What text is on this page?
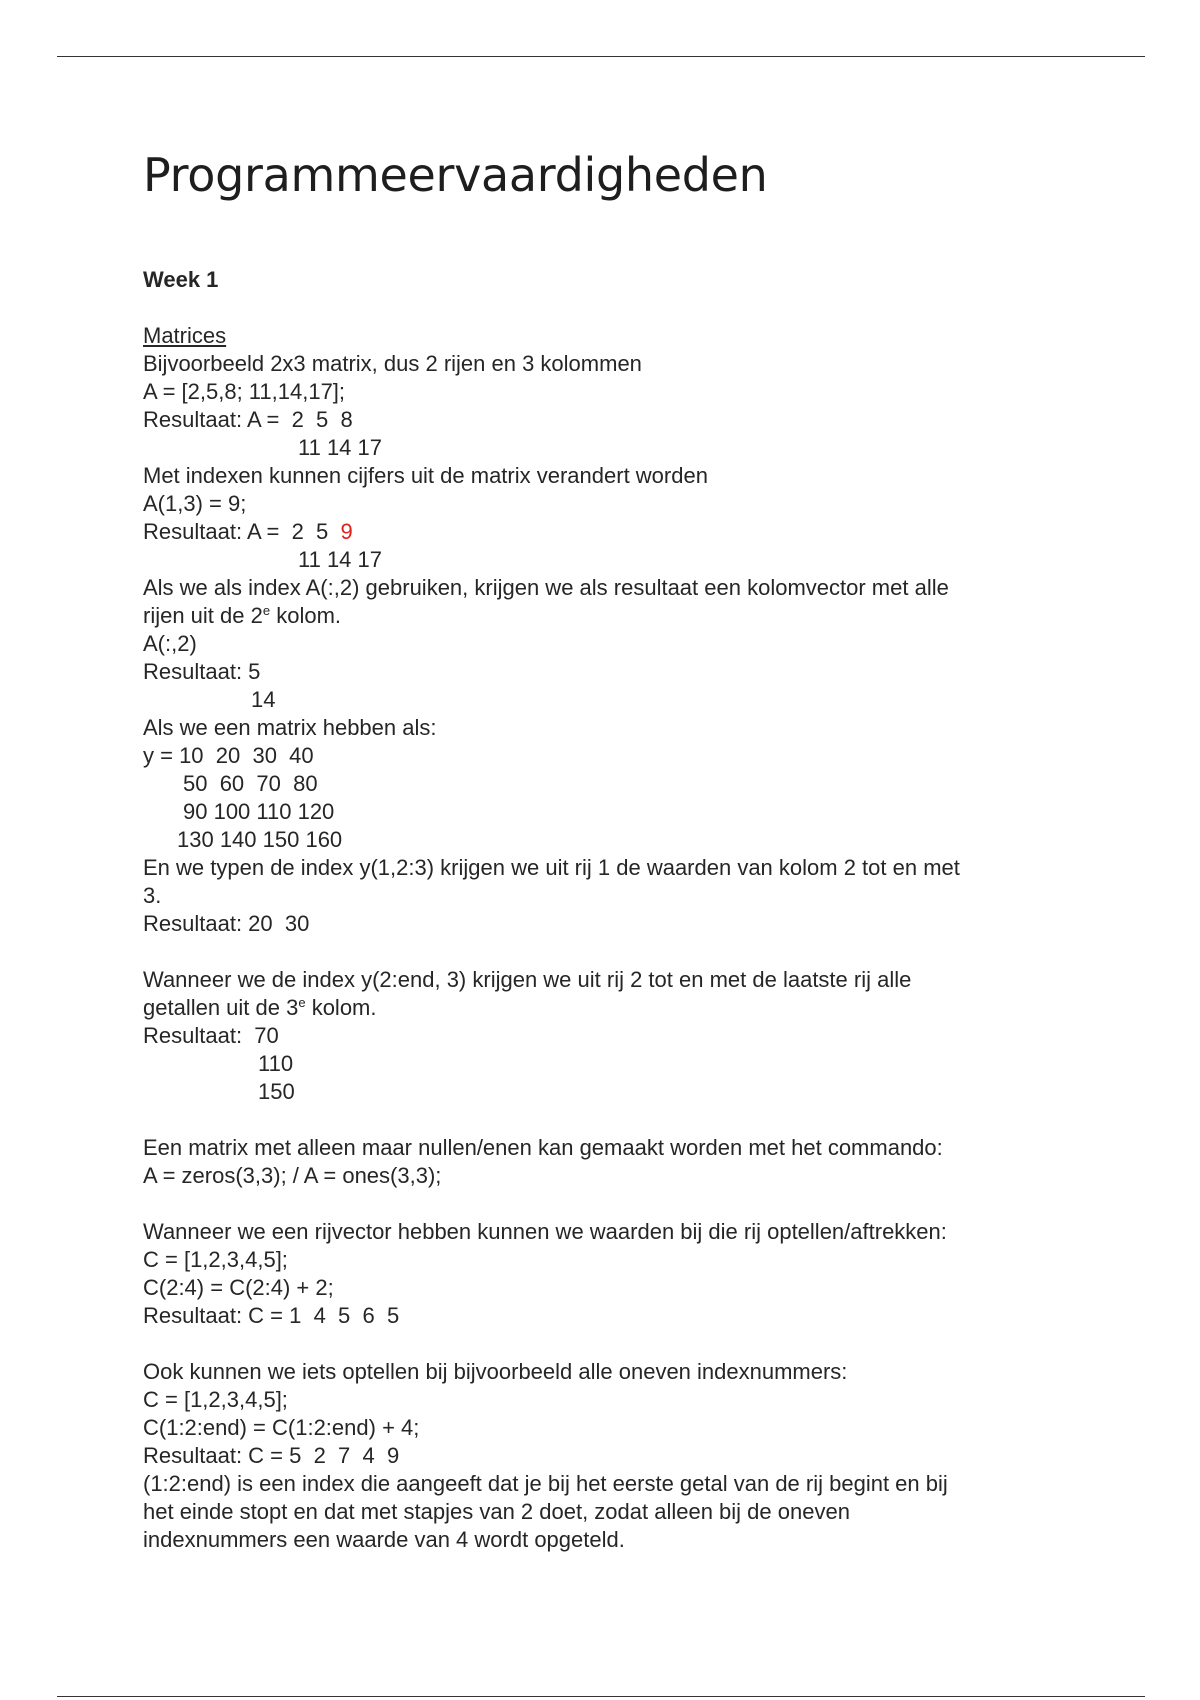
Programmeervaardigheden
Week 1
Matrices
Bijvoorbeeld 2x3 matrix, dus 2 rijen en 3 kolommen
A = [2,5,8; 11,14,17];
Resultaat: A =  2  5  8
11 14 17
Met indexen kunnen cijfers uit de matrix verandert worden
A(1,3) = 9;
Resultaat: A =  2  5  9
11 14 17
Als we als index A(:,2) gebruiken, krijgen we als resultaat een kolomvector met alle
rijen uit de 2e kolom.
A(:,2)
Resultaat: 5
14
Als we een matrix hebben als:
y = 10  20  30  40
50  60  70  80
90 100 110 120
130 140 150 160
En we typen de index y(1,2:3) krijgen we uit rij 1 de waarden van kolom 2 tot en met
3.
Resultaat: 20  30
Wanneer we de index y(2:end, 3) krijgen we uit rij 2 tot en met de laatste rij alle
getallen uit de 3e kolom.
Resultaat:  70
110
150
Een matrix met alleen maar nullen/enen kan gemaakt worden met het commando:
A = zeros(3,3); / A = ones(3,3);
Wanneer we een rijvector hebben kunnen we waarden bij die rij optellen/aftrekken:
C = [1,2,3,4,5];
C(2:4) = C(2:4) + 2;
Resultaat: C = 1  4  5  6  5
Ook kunnen we iets optellen bij bijvoorbeeld alle oneven indexnummers:
C = [1,2,3,4,5];
C(1:2:end) = C(1:2:end) + 4;
Resultaat: C = 5  2  7  4  9
(1:2:end) is een index die aangeeft dat je bij het eerste getal van de rij begint en bij
het einde stopt en dat met stapjes van 2 doet, zodat alleen bij de oneven
indexnummers een waarde van 4 wordt opgeteld.
